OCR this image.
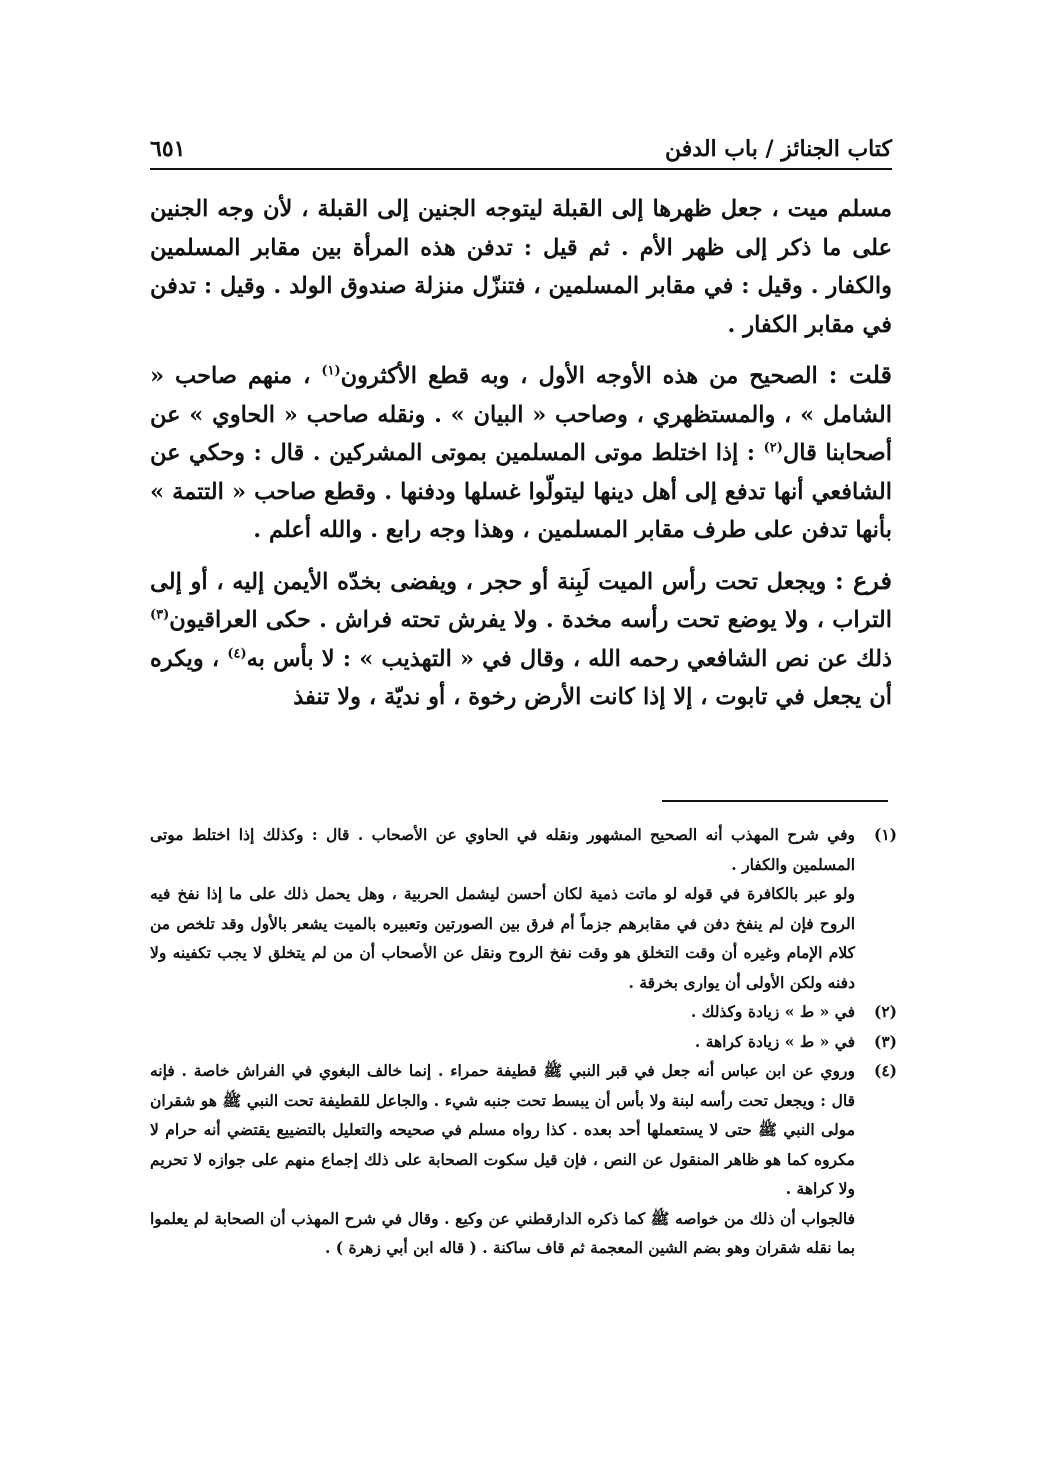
كتاب الجنائز / باب الدفن
٦٥١

مسلم ميت ، جعل ظهرها إلى القبلة ليتوجه الجنين إلى القبلة ، لأن وجه الجنين على ما ذكر إلى ظهر الأم . ثم قيل : تدفن هذه المرأة بين مقابر المسلمين والكفار . وقيل : في مقابر المسلمين ، فتنزّل منزلة صندوق الولد . وقيل : تدفن في مقابر الكفار .

قلت : الصحيح من هذه الأوجه الأول ، وبه قطع الأكثرون$^{(١)}$ ، منهم صاحب « الشامل » ، والمستظهري ، وصاحب « البيان » . ونقله صاحب « الحاوي » عن أصحابنا قال$^{(٢)}$ : إذا اختلط موتى المسلمين بموتى المشركين . قال : وحكي عن الشافعي أنها تدفع إلى أهل دينها ليتولّوا غسلها ودفنها . وقطع صاحب « التتمة » بأنها تدفن على طرف مقابر المسلمين ، وهذا وجه رابع . والله أعلم .

فرع : ويجعل تحت رأس الميت لَبِنة أو حجر ، ويفضى بخدّه الأيمن إليه ، أو إلى التراب ، ولا يوضع تحت رأسه مخدة . ولا يفرش تحته فراش . حكى العراقيون$^{(٣)}$ ذلك عن نص الشافعي رحمه الله ، وقال في « التهذيب » : لا بأس به$^{(٤)}$ ، ويكره أن يجعل في تابوت ، إلا إذا كانت الأرض رخوة ، أو نديّة ، ولا تنفذ

(١)

وفي شرح المهذب أنه الصحيح المشهور ونقله في الحاوي عن الأصحاب . قال : وكذلك إذا اختلط موتى المسلمين والكفار .

ولو عبر بالكافرة في قوله لو ماتت ذمية لكان أحسن ليشمل الحربية ، وهل يحمل ذلك على ما إذا نفخ فيه الروح فإن لم ينفخ دفن في مقابرهم جزماً أم فرق بين الصورتين وتعبيره بالميت يشعر بالأول وقد تلخص من كلام الإمام وغيره أن وقت التخلق هو وقت نفخ الروح ونقل عن الأصحاب أن من لم يتخلق لا يجب تكفينه ولا دفنه ولكن الأولى أن يوارى بخرقة .

(٢)

في « ط » زيادة وكذلك .

(٣)

في « ط » زيادة كراهة .

(٤)

وروي عن ابن عباس أنه جعل في قبر النبي ﷺ قطيفة حمراء . إنما خالف البغوي في الفراش خاصة . فإنه قال : ويجعل تحت رأسه لبنة ولا بأس أن يبسط تحت جنبه شيء . والجاعل للقطيفة تحت النبي ﷺ هو شقران مولى النبي ﷺ حتى لا يستعملها أحد بعده . كذا رواه مسلم في صحيحه والتعليل بالتضييع يقتضي أنه حرام لا مكروه كما هو ظاهر المنقول عن النص ، فإن قيل سكوت الصحابة على ذلك إجماع منهم على جوازه لا تحريم ولا كراهة .

فالجواب أن ذلك من خواصه ﷺ كما ذكره الدارقطني عن وكيع . وقال في شرح المهذب أن الصحابة لم يعلموا بما نقله شقران وهو بضم الشين المعجمة ثم قاف ساكنة . ( قاله ابن أبي زهرة ) .
